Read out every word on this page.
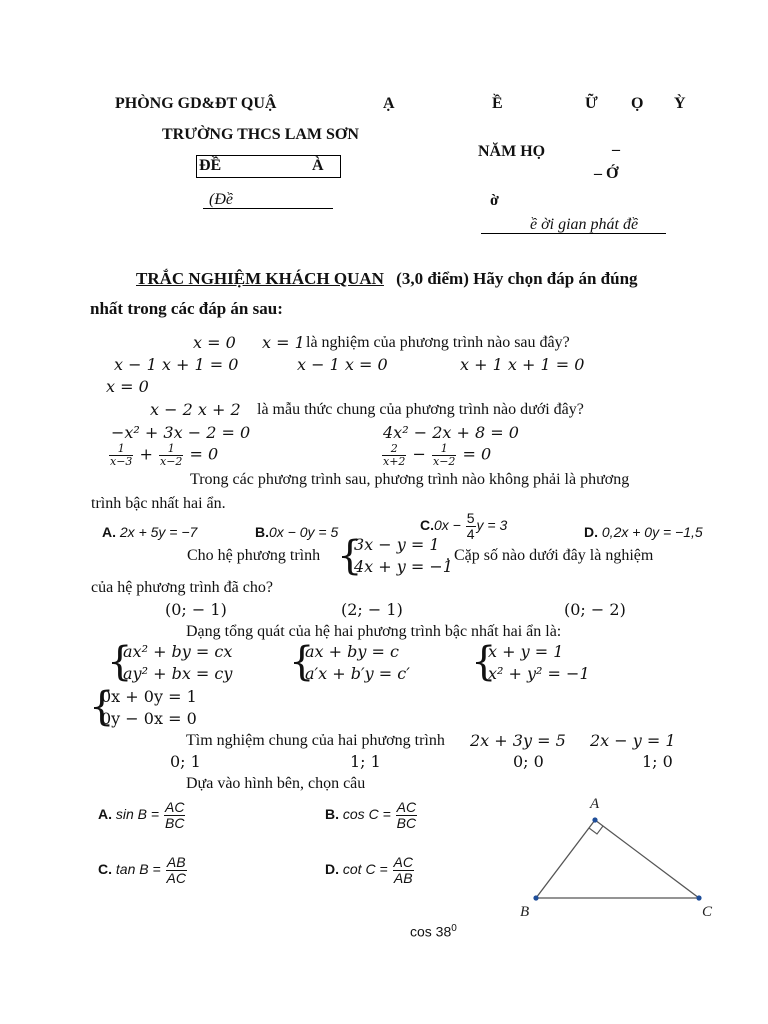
PHÒNG GD&ĐT QUẬ	Ạ	Ề	Ữ Ọ Ỳ
TRƯỜNG THCS LAM SƠN
ĐỀ	À
(Đề
NĂM HỌ	–
– Ớ
ờ
ề ời gian phát đề
TRẮC NGHIỆM KHÁCH QUAN (3,0 điểm) Hãy chọn đáp án đúng
nhất trong các đáp án sau:
x = 0 x = 1 là nghiệm của phương trình nào sau đây?
x − 1 x + 1 = 0	x − 1 x = 0	x + 1 x + 1 = 0
x = 0
x − 2 x + 2 là mẫu thức chung của phương trình nào dưới đây?
−x² + 3x − 2 = 0	4x² − 2x + 8 = 0
$\frac{1}{x-3} + \frac{1}{x-2} = 0$	$\frac{2}{x+2} - \frac{1}{x-2} = 0$
Trong các phương trình sau, phương trình nào không phải là phương
trình bậc nhất hai ẩn.
A. 2x + 5y = −7	B.0x − 0y = 5	$C.0x - \frac{5}{4}$ y = 3	D. 0,2x + 0y = −1,5
Cho hệ phương trình {
3x − y = 1
4x + y = −1
. Cặp số nào dưới đây là nghiệm
của hệ phương trình đã cho?
(0; − 1)	(2; − 1)	(0; − 2)
Dạng tổng quát của hệ hai phương trình bậc nhất hai ẩn là:
{
ax² + by = cx
ay² + bx = cy {
ax + by = c
a′x + b′y = c′ {
x + y = 1
x² + y² = −1
{
0x + 0y = 1
0y − 0x = 0
Tìm nghiệm chung của hai phương trình 2x + 3y = 5 2x − y = 1
0; 1	1; 1	0; 0	1; 0
Dựa vào hình bên, chọn câu
A. $\sin B = \frac{AC}{BC}$	B. $\cos C = \frac{AC}{BC}$
C. $\tan B = \frac{AB}{AC}$	D. $\cot C = \frac{AC}{AB}$
A
B	C
$\cos 38^0$
